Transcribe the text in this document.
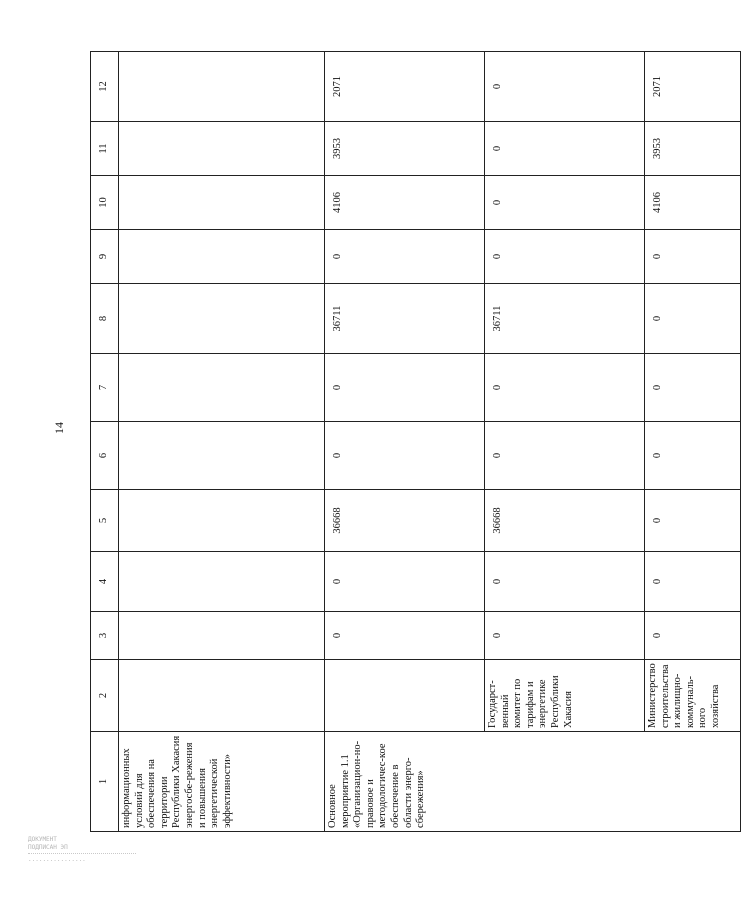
14
1	2	3	4	5	6	7	8	9	10	11	12
информационных условий для обеспечения на территории Республики Хакасия энергосбе-режения и повышения энергетической эффективности»											
Основное мероприятие 1.1 «Организацион-но-правовое и методологичес-кое обеспечение в области энерго-сбережения»		0	0	36668	0	0	36711	0	4106	3953	2071
	Государст-венный комитет по тарифам и энергетике Республики Хакасия	0	0	36668	0	0	36711	0	0	0	0
	Министерство строительства и жилищно-коммуналь-ного хозяйства	0	0	0	0	0	0	0	4106	3953	2071
ДОКУМЕНТ
ПОДПИСАН ЭП
................
